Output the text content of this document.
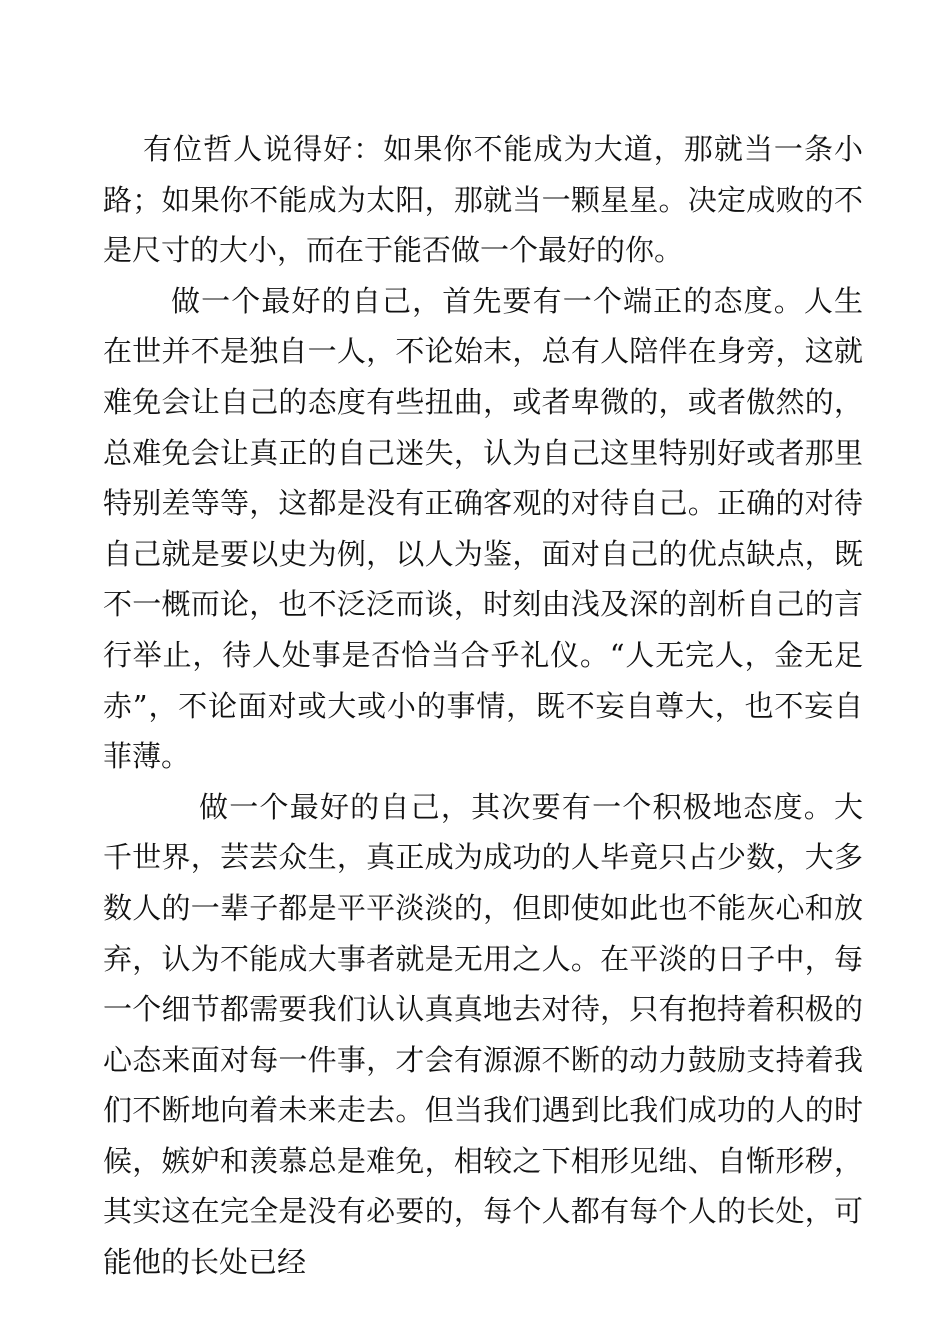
有位哲人说得好：如果你不能成为大道，那就当一条小路；如果你不能成为太阳，那就当一颗星星。决定成败的不是尺寸的大小，而在于能否做一个最好的你。

做一个最好的自己，首先要有一个端正的态度。人生在世并不是独自一人，不论始末，总有人陪伴在身旁，这就难免会让自己的态度有些扭曲，或者卑微的，或者傲然的，总难免会让真正的自己迷失，认为自己这里特别好或者那里特别差等等，这都是没有正确客观的对待自己。正确的对待自己就是要以史为例，以人为鉴，面对自己的优点缺点，既不一概而论，也不泛泛而谈，时刻由浅及深的剖析自己的言行举止，待人处事是否恰当合乎礼仪。“人无完人，金无足赤”，不论面对或大或小的事情，既不妄自尊大，也不妄自菲薄。

做一个最好的自己，其次要有一个积极地态度。大千世界，芸芸众生，真正成为成功的人毕竟只占少数，大多数人的一辈子都是平平淡淡的，但即使如此也不能灰心和放弃，认为不能成大事者就是无用之人。在平淡的日子中，每一个细节都需要我们认认真真地去对待，只有抱持着积极的心态来面对每一件事，才会有源源不断的动力鼓励支持着我们不断地向着未来走去。但当我们遇到比我们成功的人的时候，嫉妒和羡慕总是难免，相较之下相形见绌、自惭形秽，其实这在完全是没有必要的，每个人都有每个人的长处，可能他的长处已经
